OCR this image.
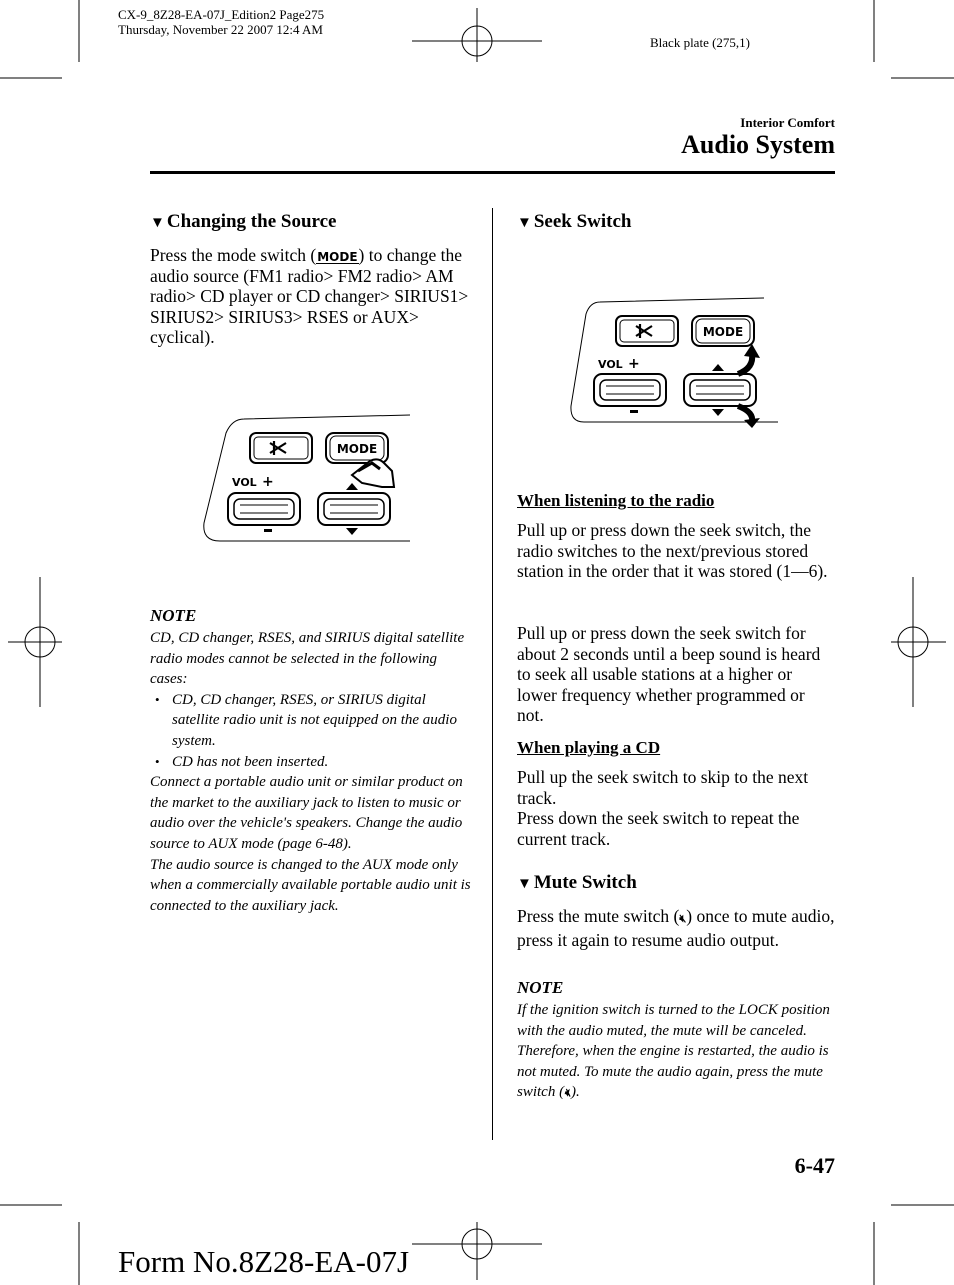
CX-9_8Z28-EA-07J_Edition2 Page275
Thursday, November 22 2007 12:4 AM
Black plate (275,1)
Interior Comfort
Audio System
▼ Changing the Source
Press the mode switch (MODE) to change the audio source (FM1 radio> FM2 radio> AM radio> CD player or CD changer> SIRIUS1> SIRIUS2> SIRIUS3> RSES or AUX> cyclical).
MODE
VOL +
NOTE
CD, CD changer, RSES, and SIRIUS digital satellite radio modes cannot be selected in the following cases:
• CD, CD changer, RSES, or SIRIUS digital satellite radio unit is not equipped on the audio system.
• CD has not been inserted.
Connect a portable audio unit or similar product on the market to the auxiliary jack to listen to music or audio over the vehicle's speakers. Change the audio source to AUX mode (page 6-48).
The audio source is changed to the AUX mode only when a commercially available portable audio unit is connected to the auxiliary jack.
▼ Seek Switch
MODE
VOL +
When listening to the radio
Pull up or press down the seek switch, the radio switches to the next/previous stored station in the order that it was stored (1―6).
Pull up or press down the seek switch for about 2 seconds until a beep sound is heard to seek all usable stations at a higher or lower frequency whether programmed or not.
When playing a CD
Pull up the seek switch to skip to the next track.
Press down the seek switch to repeat the current track.
▼ Mute Switch
Press the mute switch (🔇︎) once to mute audio, press it again to resume audio output.
NOTE
If the ignition switch is turned to the LOCK position with the audio muted, the mute will be canceled.
Therefore, when the engine is restarted, the audio is not muted. To mute the audio again, press the mute switch (🔇︎).
6-47
Form No.8Z28-EA-07J
